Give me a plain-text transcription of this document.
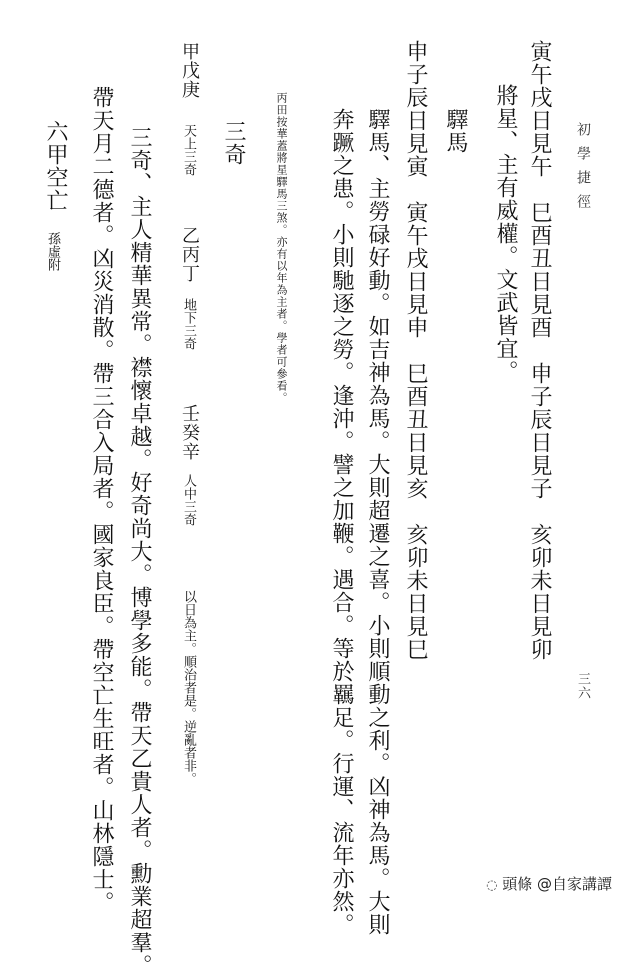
初學捷徑
三六
寅午戌日見午　巳酉丑日見酉　申子辰日見子　亥卯未日見卯
將星、主有威權。文武皆宜。
申子辰日見寅　寅午戌日見申　巳酉丑日見亥　亥卯未日見巳 驛馬
驛馬、主勞碌好動。如吉神為馬。大則超遷之喜。小則順動之利。凶神為馬。大則
奔蹶之患。小則馳逐之勞。逢沖。譬之加鞭。遇合。等於羈足。行運、流年亦然。
丙田按華蓋將星驛馬三煞。亦有以年為主者。學者可參看。
三奇
甲戊庚
天上三奇
乙丙丁
地下三奇
壬癸辛
人中三奇
以日為主。順治者是。逆亂者非。
三奇、主人精華異常。襟懷卓越。好奇尚大。博學多能。帶天乙貴人者。勳業超羣。
帶天月二德者。凶災消散。帶三合入局者。國家良臣。帶空亡生旺者。山林隱士。
六甲空亡
孫虛附
◌ 頭條 @自家講譚
